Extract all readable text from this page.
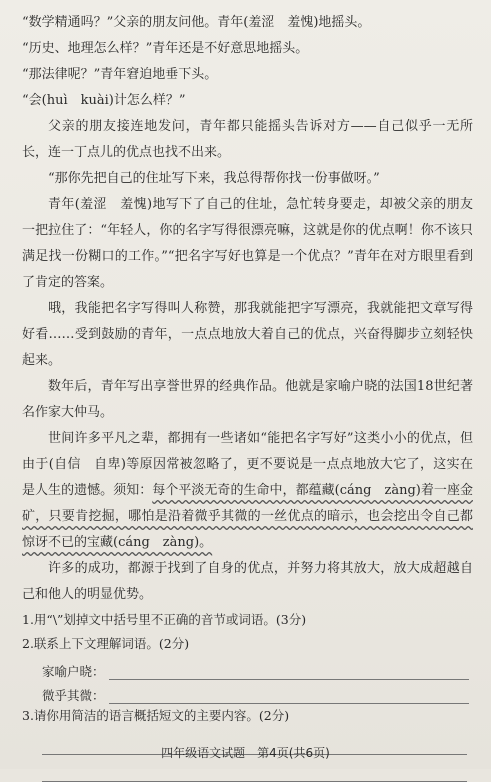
“数学精通吗？”父亲的朋友问他。青年(羞涩　羞愧)地摇头。

“历史、地理怎么样？”青年还是不好意思地摇头。

“那法律呢？”青年窘迫地垂下头。

“会(huì　kuài)计怎么样？”

父亲的朋友接连地发问，青年都只能摇头告诉对方——自己似乎一无所长，连一丁点儿的优点也找不出来。

“那你先把自己的住址写下来，我总得帮你找一份事做呀。”

青年(羞涩　羞愧)地写下了自己的住址，急忙转身要走，却被父亲的朋友一把拉住了：“年轻人，你的名字写得很漂亮嘛，这就是你的优点啊！你不该只满足找一份糊口的工作。”“把名字写好也算是一个优点？”青年在对方眼里看到了肯定的答案。

哦，我能把名字写得叫人称赞，那我就能把字写漂亮，我就能把文章写得好看……受到鼓励的青年，一点点地放大着自己的优点，兴奋得脚步立刻轻快起来。

数年后，青年写出享誉世界的经典作品。他就是家喻户晓的法国18世纪著名作家大仲马。

世间许多平凡之辈，都拥有一些诸如“能把名字写好”这类小小的优点，但由于(自信　自卑)等原因常被忽略了，更不要说是一点点地放大它了，这实在是人生的遗憾。须知：每个平淡无奇的生命中，都蕴藏(cáng　zàng)着一座金矿，只要肯挖掘，哪怕是沿着微乎其微的一丝优点的暗示，也会挖出令自己都惊讶不已的宝藏(cáng　zàng)。

许多的成功，都源于找到了自身的优点，并努力将其放大，放大成超越自己和他人的明显优势。

1.用“\”划掉文中括号里不正确的音节或词语。(3分)

2.联系上下文理解词语。(2分)

家喻户晓：
微乎其微：

3.请你用简洁的语言概括短文的主要内容。(2分)

四年级语文试题　第4页(共6页)
